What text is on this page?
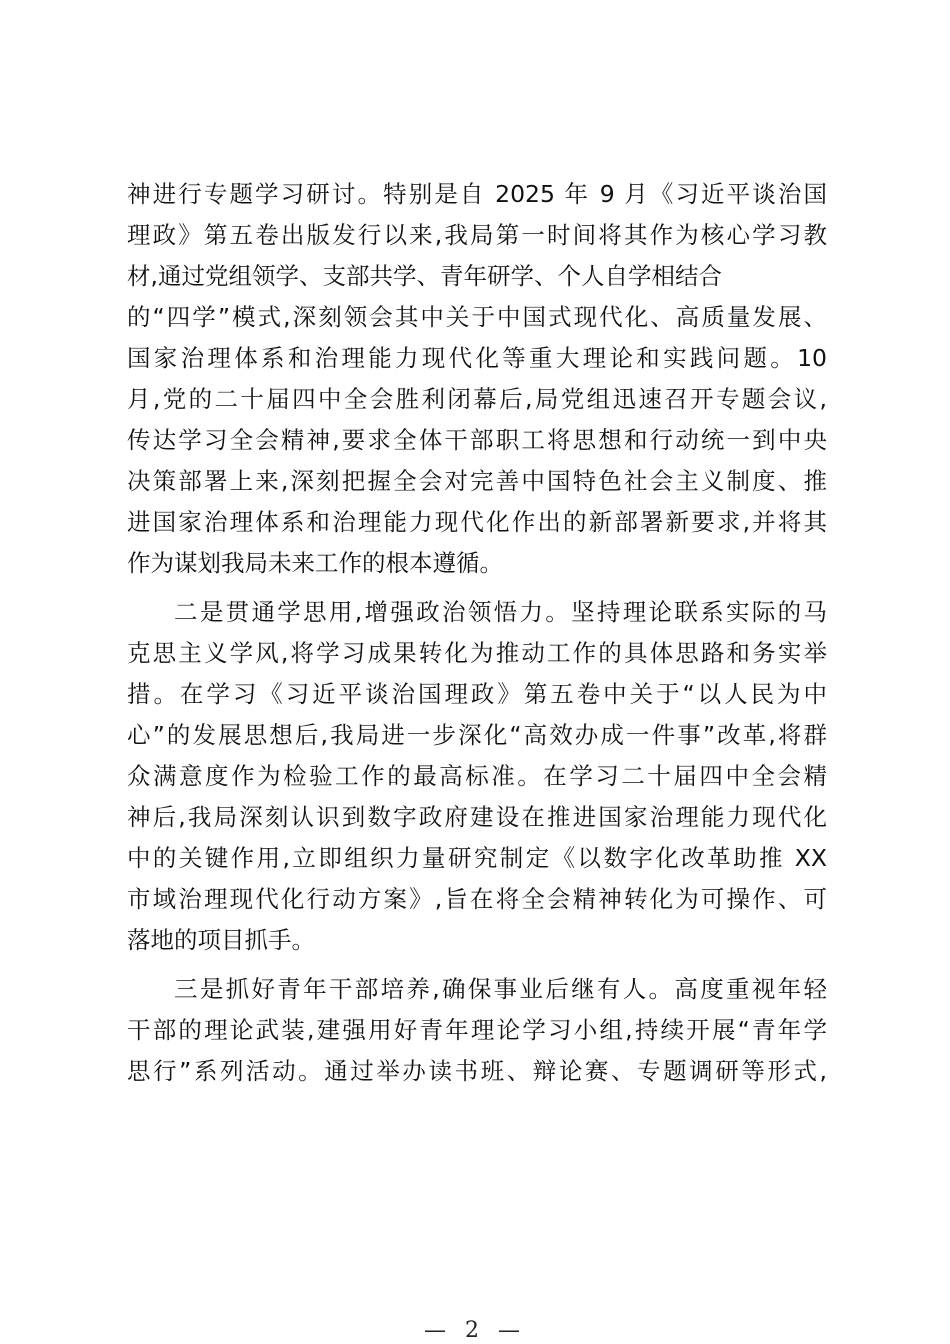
神进行专题学习研讨。特别是自 2025 年 9 月《习近平谈治国
理政》第五卷出版发行以来,我局第一时间将其作为核心学习教
材,通过党组领学、支部共学、青年研学、个人自学相结合
的“四学”模式,深刻领会其中关于中国式现代化、高质量发展、
国家治理体系和治理能力现代化等重大理论和实践问题。10
月,党的二十届四中全会胜利闭幕后,局党组迅速召开专题会议,
传达学习全会精神,要求全体干部职工将思想和行动统一到中央
决策部署上来,深刻把握全会对完善中国特色社会主义制度、推
进国家治理体系和治理能力现代化作出的新部署新要求,并将其
作为谋划我局未来工作的根本遵循。
二是贯通学思用,增强政治领悟力。坚持理论联系实际的马
克思主义学风,将学习成果转化为推动工作的具体思路和务实举
措。在学习《习近平谈治国理政》第五卷中关于“以人民为中
心”的发展思想后,我局进一步深化“高效办成一件事”改革,将群
众满意度作为检验工作的最高标准。在学习二十届四中全会精
神后,我局深刻认识到数字政府建设在推进国家治理能力现代化
中的关键作用,立即组织力量研究制定《以数字化改革助推 XX
市域治理现代化行动方案》,旨在将全会精神转化为可操作、可
落地的项目抓手。
三是抓好青年干部培养,确保事业后继有人。高度重视年轻
干部的理论武装,建强用好青年理论学习小组,持续开展“青年学
思行”系列活动。通过举办读书班、辩论赛、专题调研等形式,
— 2 —
